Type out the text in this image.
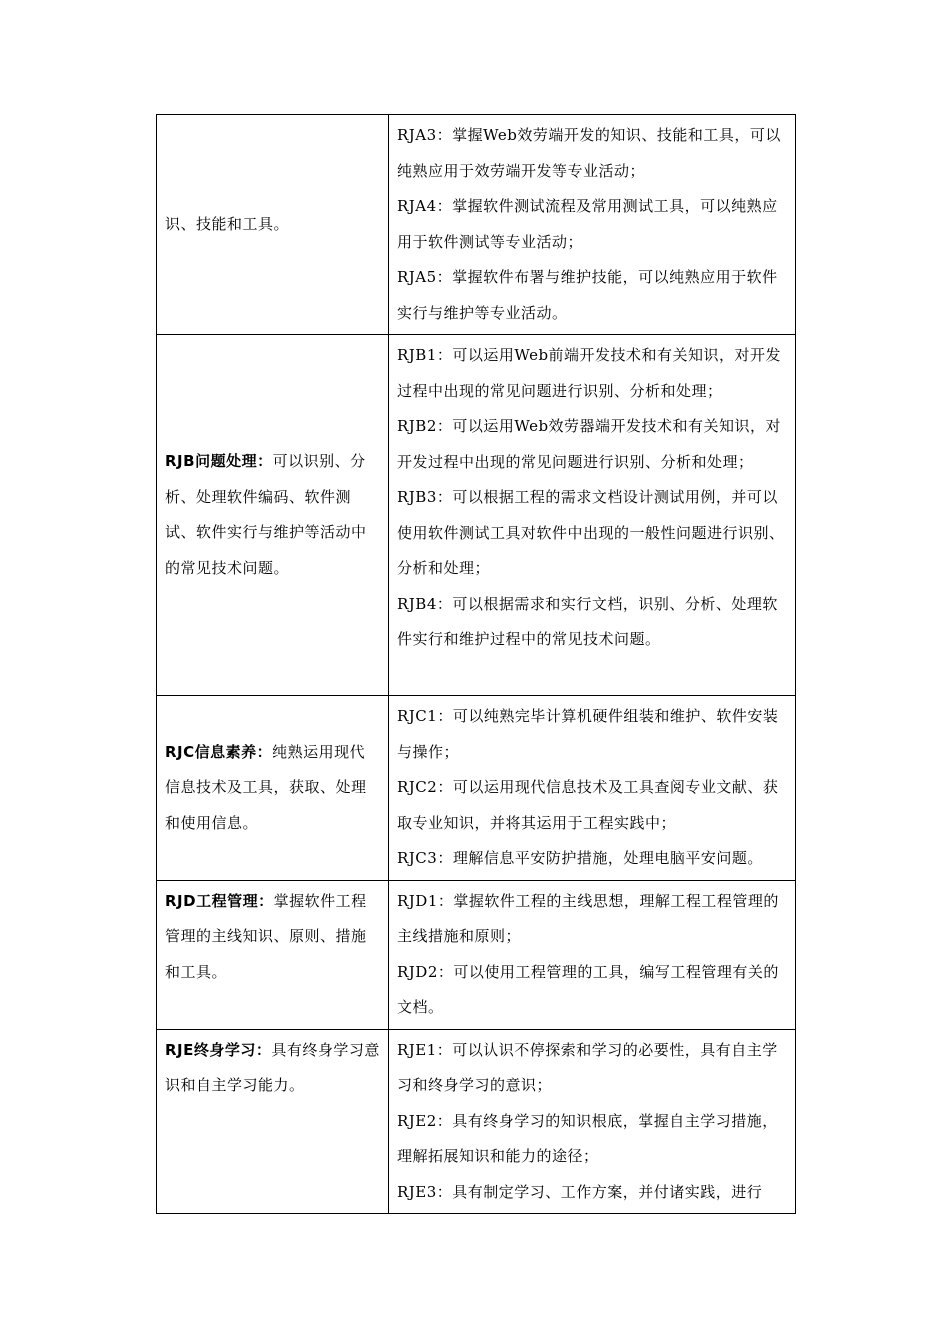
识、技能和工具。	RJA3：掌握Web效劳端开发的知识、技能和工具，可以纯熟应用于效劳端开发等专业活动；
RJA4：掌握软件测试流程及常用测试工具，可以纯熟应用于软件测试等专业活动；
RJA5：掌握软件布署与维护技能，可以纯熟应用于软件实行与维护等专业活动。

RJB问题处理：可以识别、分析、处理软件编码、软件测试、软件实行与维护等活动中的常见技术问题。	RJB1：可以运用Web前端开发技术和有关知识，对开发过程中出现的常见问题进行识别、分析和处理；
RJB2：可以运用Web效劳器端开发技术和有关知识，对开发过程中出现的常见问题进行识别、分析和处理；
RJB3：可以根据工程的需求文档设计测试用例，并可以使用软件测试工具对软件中出现的一般性问题进行识别、分析和处理；
RJB4：可以根据需求和实行文档，识别、分析、处理软件实行和维护过程中的常见技术问题。

RJC信息素养：纯熟运用现代信息技术及工具，获取、处理和使用信息。	RJC1：可以纯熟完毕计算机硬件组装和维护、软件安装与操作；
RJC2：可以运用现代信息技术及工具查阅专业文献、获取专业知识，并将其运用于工程实践中；
RJC3：理解信息平安防护措施，处理电脑平安问题。

RJD工程管理：掌握软件工程管理的主线知识、原则、措施和工具。	RJD1：掌握软件工程的主线思想，理解工程工程管理的主线措施和原则；
RJD2：可以使用工程管理的工具，编写工程管理有关的文档。

RJE终身学习：具有终身学习意识和自主学习能力。	RJE1：可以认识不停探索和学习的必要性，具有自主学习和终身学习的意识；
RJE2：具有终身学习的知识根底，掌握自主学习措施，理解拓展知识和能力的途径；
RJE3：具有制定学习、工作方案，并付诸实践，进行
